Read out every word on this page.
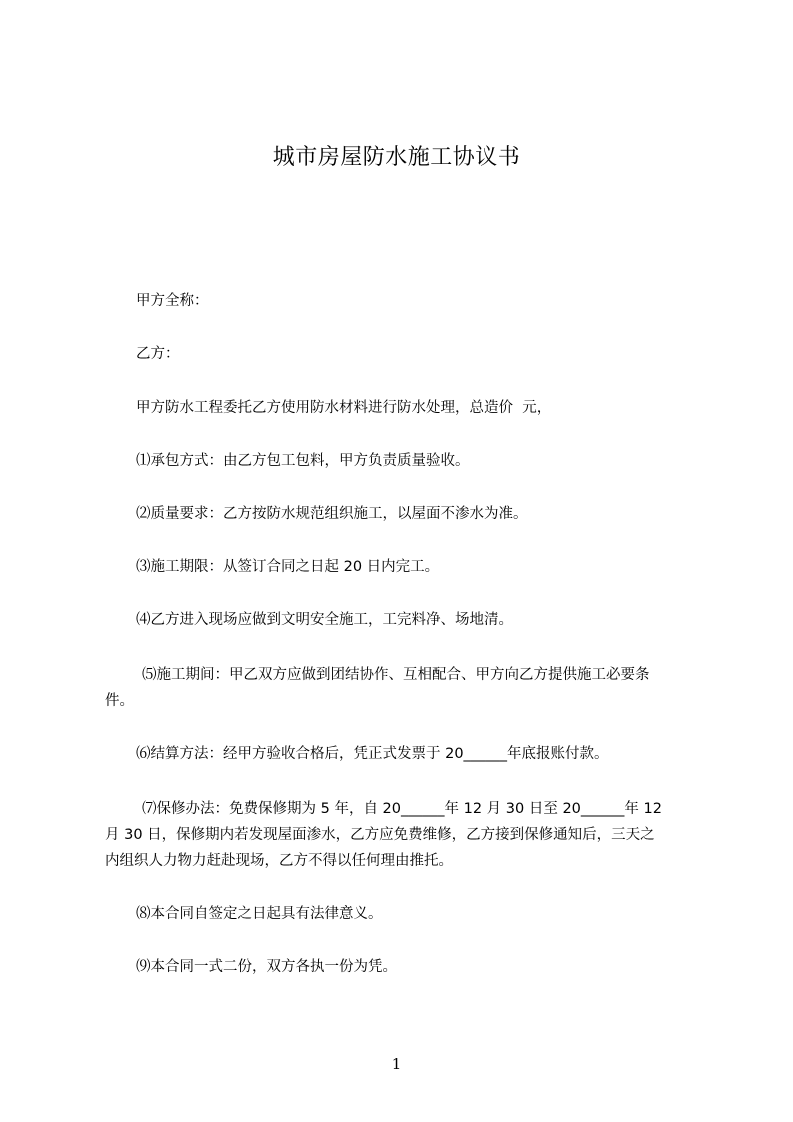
城市房屋防水施工协议书
甲方全称：
乙方：
甲方防水工程委托乙方使用防水材料进行防水处理，总造价  元，
⑴承包方式：由乙方包工包料，甲方负责质量验收。
⑵质量要求：乙方按防水规范组织施工，以屋面不渗水为准。
⑶施工期限：从签订合同之日起 20 日内完工。
⑷乙方进入现场应做到文明安全施工，工完料净、场地清。
⑸施工期间：甲乙双方应做到团结协作、互相配合、甲方向乙方提供施工必要条
件。
⑹结算方法：经甲方验收合格后，凭正式发票于 20______年底报账付款。
⑺保修办法：免费保修期为 5 年，自 20______年 12 月 30 日至 20______年 12
月 30 日，保修期内若发现屋面渗水，乙方应免费维修，乙方接到保修通知后，三天之
内组织人力物力赶赴现场，乙方不得以任何理由推托。
⑻本合同自签定之日起具有法律意义。
⑼本合同一式二份，双方各执一份为凭。
1
